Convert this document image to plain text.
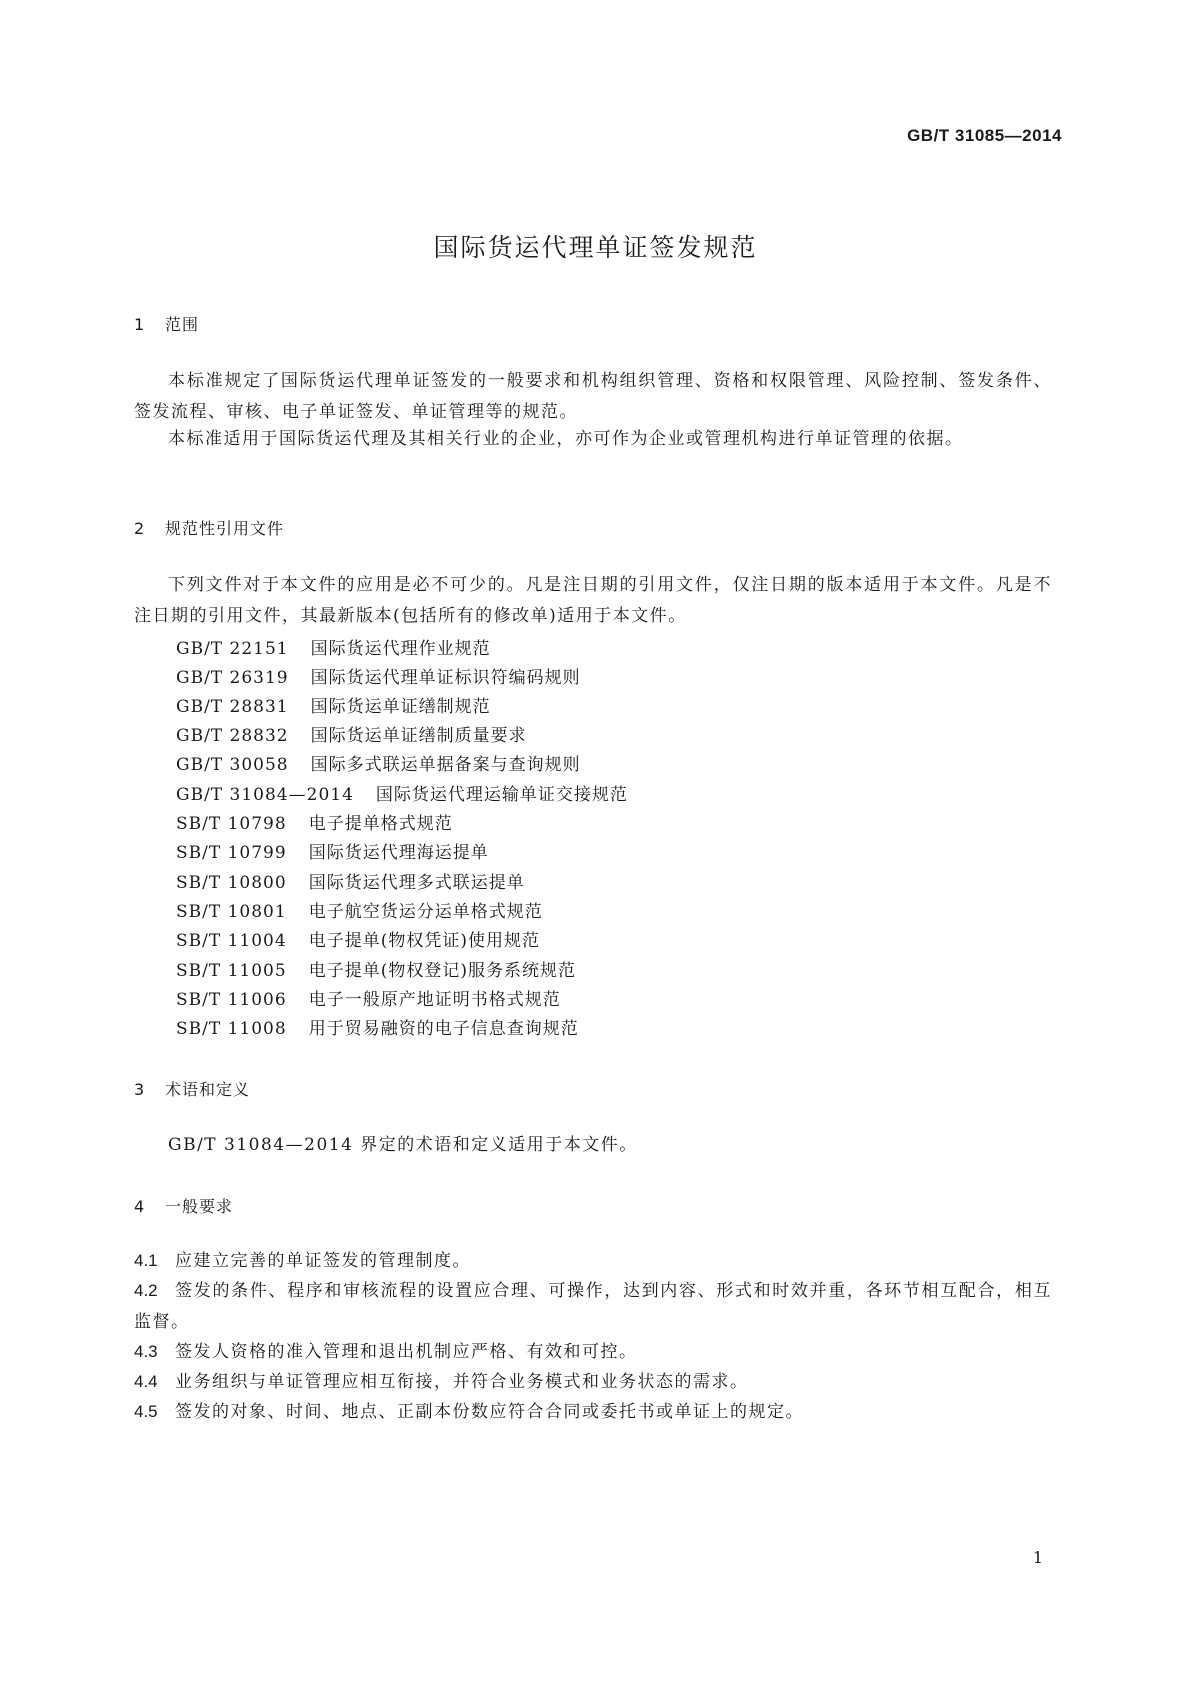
GB/T 31085—2014
国际货运代理单证签发规范
1 范围
本标准规定了国际货运代理单证签发的一般要求和机构组织管理、资格和权限管理、风险控制、签发条件、签发流程、审核、电子单证签发、单证管理等的规范。
本标准适用于国际货运代理及其相关行业的企业，亦可作为企业或管理机构进行单证管理的依据。
2 规范性引用文件
下列文件对于本文件的应用是必不可少的。凡是注日期的引用文件，仅注日期的版本适用于本文件。凡是不注日期的引用文件，其最新版本(包括所有的修改单)适用于本文件。
GB/T 22151 国际货运代理作业规范
GB/T 26319 国际货运代理单证标识符编码规则
GB/T 28831 国际货运单证缮制规范
GB/T 28832 国际货运单证缮制质量要求
GB/T 30058 国际多式联运单据备案与查询规则
GB/T 31084—2014 国际货运代理运输单证交接规范
SB/T 10798 电子提单格式规范
SB/T 10799 国际货运代理海运提单
SB/T 10800 国际货运代理多式联运提单
SB/T 10801 电子航空货运分运单格式规范
SB/T 11004 电子提单(物权凭证)使用规范
SB/T 11005 电子提单(物权登记)服务系统规范
SB/T 11006 电子一般原产地证明书格式规范
SB/T 11008 用于贸易融资的电子信息查询规范
3 术语和定义
GB/T 31084—2014 界定的术语和定义适用于本文件。
4 一般要求
4.1 应建立完善的单证签发的管理制度。
4.2 签发的条件、程序和审核流程的设置应合理、可操作，达到内容、形式和时效并重，各环节相互配合，相互监督。
4.3 签发人资格的准入管理和退出机制应严格、有效和可控。
4.4 业务组织与单证管理应相互衔接，并符合业务模式和业务状态的需求。
4.5 签发的对象、时间、地点、正副本份数应符合合同或委托书或单证上的规定。
1
